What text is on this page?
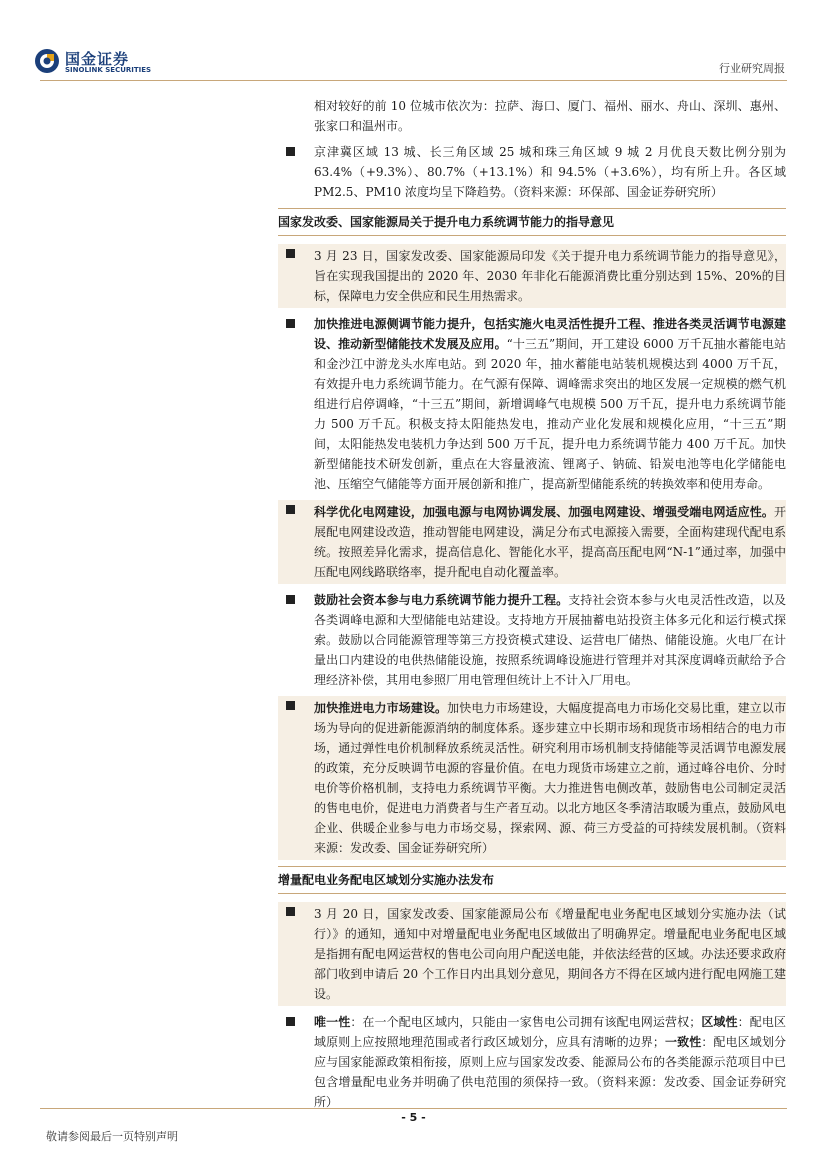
国金证券
SINOLINK SECURITIES	行业研究周报
相对较好的前 10 位城市依次为：拉萨、海口、厦门、福州、丽水、舟山、深圳、惠州、张家口和温州市。
京津冀区域 13 城、长三角区域 25 城和珠三角区域 9 城 2 月优良天数比例分别为 63.4%（+9.3%）、80.7%（+13.1%）和 94.5%（+3.6%），均有所上升。各区域 PM2.5、PM10 浓度均呈下降趋势。（资料来源：环保部、国金证券研究所）
国家发改委、国家能源局关于提升电力系统调节能力的指导意见
3 月 23 日，国家发改委、国家能源局印发《关于提升电力系统调节能力的指导意见》，旨在实现我国提出的 2020 年、2030 年非化石能源消费比重分别达到 15%、20%的目标，保障电力安全供应和民生用热需求。
加快推进电源侧调节能力提升，包括实施火电灵活性提升工程、推进各类灵活调节电源建设、推动新型储能技术发展及应用。“十三五”期间，开工建设 6000 万千瓦抽水蓄能电站和金沙江中游龙头水库电站。到 2020 年，抽水蓄能电站装机规模达到 4000 万千瓦，有效提升电力系统调节能力。在气源有保障、调峰需求突出的地区发展一定规模的燃气机组进行启停调峰，“十三五”期间，新增调峰气电规模 500 万千瓦，提升电力系统调节能力 500 万千瓦。积极支持太阳能热发电，推动产业化发展和规模化应用，“十三五”期间，太阳能热发电装机力争达到 500 万千瓦，提升电力系统调节能力 400 万千瓦。加快新型储能技术研发创新，重点在大容量液流、锂离子、钠硫、铅炭电池等电化学储能电池、压缩空气储能等方面开展创新和推广，提高新型储能系统的转换效率和使用寿命。
科学优化电网建设，加强电源与电网协调发展、加强电网建设、增强受端电网适应性。开展配电网建设改造，推动智能电网建设，满足分布式电源接入需要，全面构建现代配电系统。按照差异化需求，提高信息化、智能化水平，提高高压配电网“N-1”通过率，加强中压配电网线路联络率，提升配电自动化覆盖率。
鼓励社会资本参与电力系统调节能力提升工程。支持社会资本参与火电灵活性改造，以及各类调峰电源和大型储能电站建设。支持地方开展抽蓄电站投资主体多元化和运行模式探索。鼓励以合同能源管理等第三方投资模式建设、运营电厂储热、储能设施。火电厂在计量出口内建设的电供热储能设施，按照系统调峰设施进行管理并对其深度调峰贡献给予合理经济补偿，其用电参照厂用电管理但统计上不计入厂用电。
加快推进电力市场建设。加快电力市场建设，大幅度提高电力市场化交易比重，建立以市场为导向的促进新能源消纳的制度体系。逐步建立中长期市场和现货市场相结合的电力市场，通过弹性电价机制释放系统灵活性。研究利用市场机制支持储能等灵活调节电源发展的政策，充分反映调节电源的容量价值。在电力现货市场建立之前，通过峰谷电价、分时电价等价格机制，支持电力系统调节平衡。大力推进售电侧改革，鼓励售电公司制定灵活的售电电价，促进电力消费者与生产者互动。以北方地区冬季清洁取暖为重点，鼓励风电企业、供暖企业参与电力市场交易，探索网、源、荷三方受益的可持续发展机制。（资料来源：发改委、国金证券研究所）
增量配电业务配电区域划分实施办法发布
3 月 20 日，国家发改委、国家能源局公布《增量配电业务配电区域划分实施办法（试行）》的通知，通知中对增量配电业务配电区域做出了明确界定。增量配电业务配电区域是指拥有配电网运营权的售电公司向用户配送电能，并依法经营的区域。办法还要求政府部门收到申请后 20 个工作日内出具划分意见，期间各方不得在区域内进行配电网施工建设。
唯一性：在一个配电区域内，只能由一家售电公司拥有该配电网运营权；区域性：配电区域原则上应按照地理范围或者行政区域划分，应具有清晰的边界；一致性：配电区域划分应与国家能源政策相衔接，原则上应与国家发改委、能源局公布的各类能源示范项目中已包含增量配电业务并明确了供电范围的须保持一致。（资料来源：发改委、国金证券研究所）
- 5 -
敬请参阅最后一页特别声明
